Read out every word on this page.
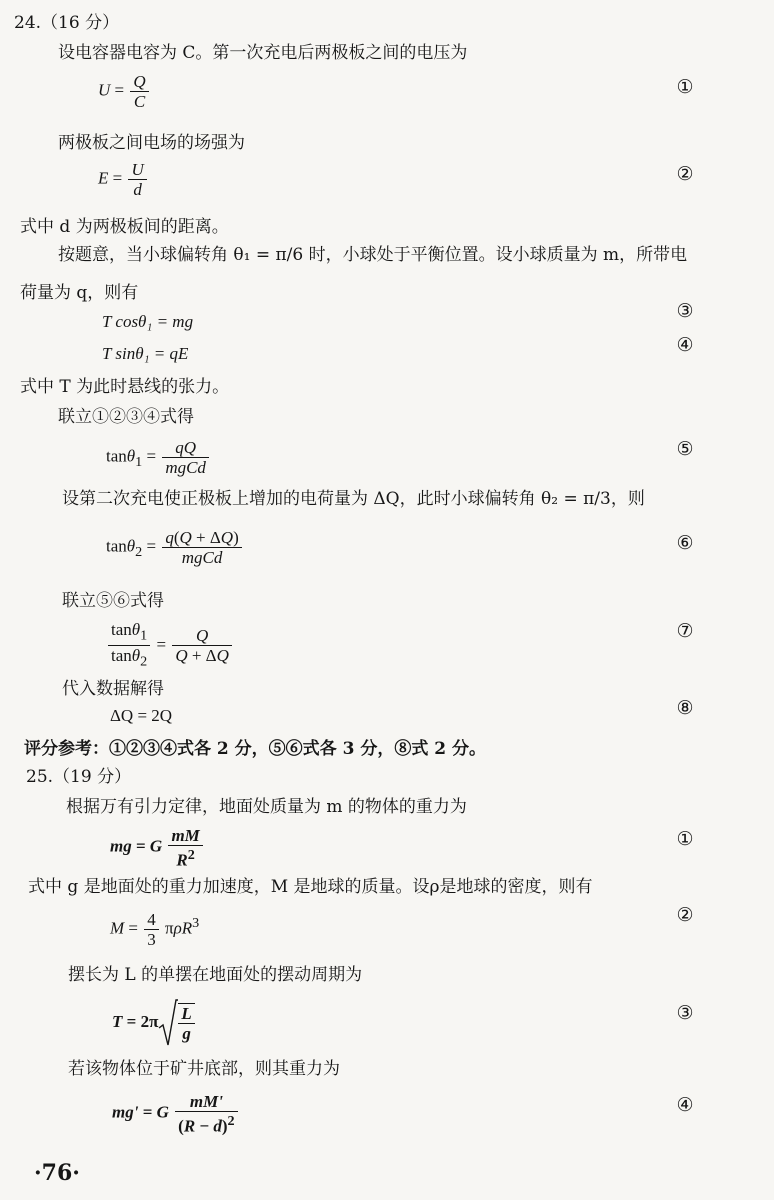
24.（16 分）
设电容器电容为 C。第一次充电后两极板之间的电压为
$U = \frac{Q}{C}$	①
两极板之间电场的场强为
$E = \frac{U}{d}$	②
式中 d 为两极板间的距离。
按题意，当小球偏转角 θ₁ = π/6 时，小球处于平衡位置。设小球质量为 m，所带电
荷量为 q，则有
T cosθ₁ = mg	③
T sinθ₁ = qE	④
式中 T 为此时悬线的张力。
联立①②③④式得
$\tan\theta_1 = \frac{qQ}{\text{mgCd}}$	⑤
设第二次充电使正极板上增加的电荷量为 ΔQ，此时小球偏转角 θ₂ = π/3，则
$\tan\theta_2 = \frac{q(Q + \Delta Q)}{\text{mgCd}}$	⑥
联立⑤⑥式得
$\frac{\tan\theta_1}{\tan\theta_2} = \frac{Q}{Q + \Delta Q}$	⑦
代入数据解得
ΔQ = 2Q	⑧
评分参考：①②③④式各 2 分，⑤⑥式各 3 分，⑧式 2 分。
25.（19 分）
根据万有引力定律，地面处质量为 m 的物体的重力为
mg = G $\frac{mM}{R^2}$	①
式中 g 是地面处的重力加速度，M 是地球的质量。设ρ是地球的密度，则有
$M = \frac{4}{3} \pi\rho R^3$	②
摆长为 L 的单摆在地面处的摆动周期为
$T = 2\pi \frac{L}{g}$	③
若该物体位于矿井底部，则其重力为
mg' = G $\frac{mM'}{(R - d)^2}$	④
·76·
